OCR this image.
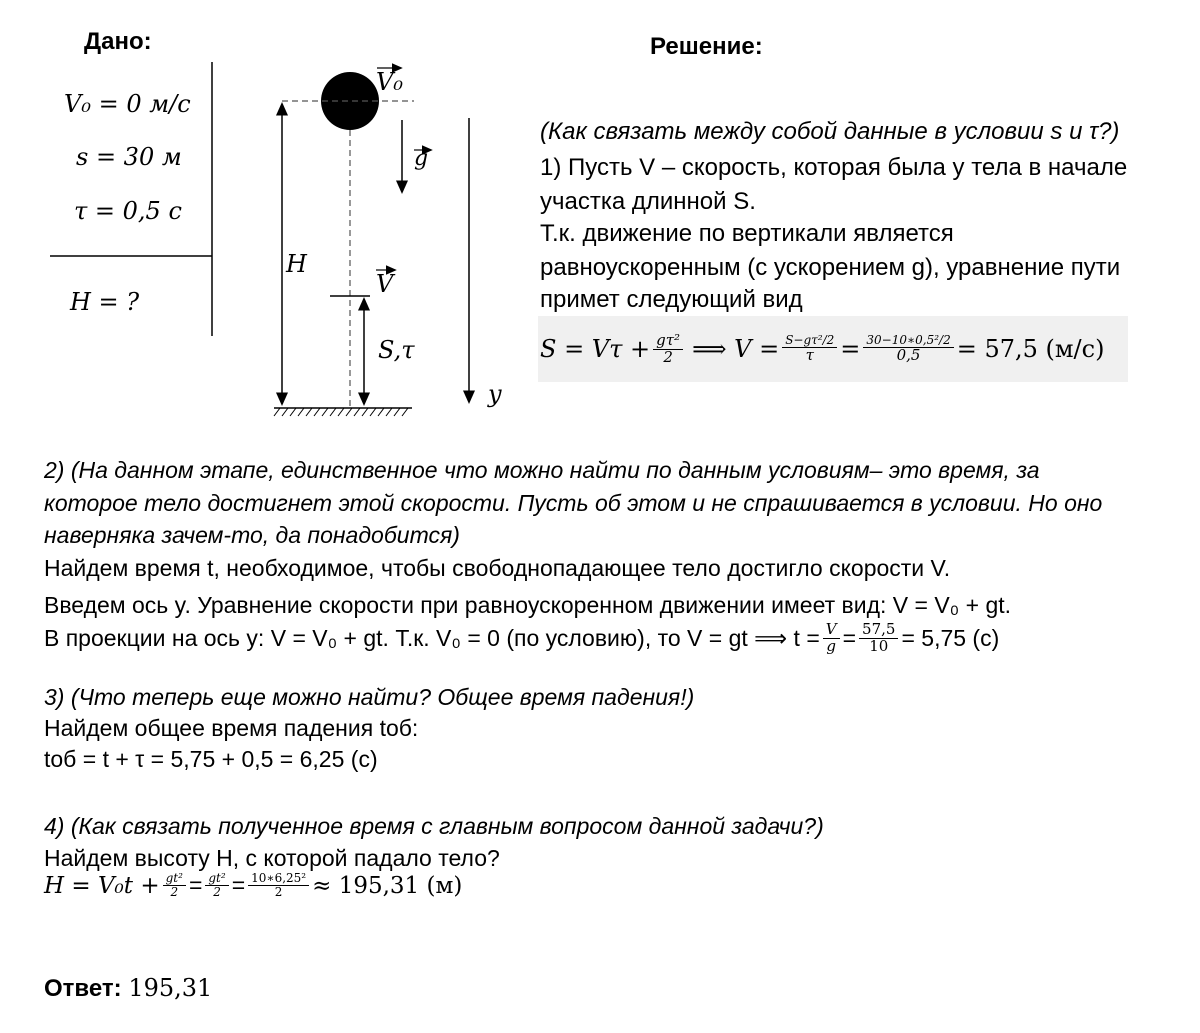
Дано:
V₀ = 0 м/с
s = 30 м
τ = 0,5 с
H = ?
V₀
g
H
V
S,τ
y
Решение:
(Как связать между собой данные в условии s и τ?)
1) Пусть V – скорость, которая была у тела в начале
участка длинной S.
Т.к. движение по вертикали является
равноускоренным (с ускорением g), уравнение пути
примет следующий вид
$S = V\tau + \frac{\text{gτ²}}{2}$ ⟹ $V = \frac{\text{S−gτ²/2}}{\tau} = \frac{\text{30−10∗0,5²/2}}{0,5} = 57,5$ (м/с)
2) (На данном этапе, единственное что можно найти по данным условиям– это время, за
которое тело достигнет этой скорости. Пусть об этом и не спрашивается в условии. Но оно
наверняка зачем-то, да понадобится)
Найдем время t, необходимое, чтобы свободнопадающее тело достигло скорости V.
Введем ось y. Уравнение скорости при равноускоренном движении имеет вид: V = V₀ + gt.
В проекции на ось y: V = V₀ + gt. Т.к. V₀ = 0 (по условию), то V = gt ⟹ $t = \frac{V}{g} = \frac{57,5}{10} = 5,75$ (с)
3) (Что теперь еще можно найти? Общее время падения!)
Найдем общее время падения tоб:
tоб = t + τ = 5,75 + 0,5 = 6,25 (с)
4) (Как связать полученное время с главным вопросом данной задачи?)
Найдем высоту H, с которой падало тело?
$H = V_0t + \frac{\text{gt²}}{2} = \frac{\text{gt²}}{2} = \frac{\text{10∗6,25²}}{2} \approx 195,31$ (м)
Ответ: 195,31
